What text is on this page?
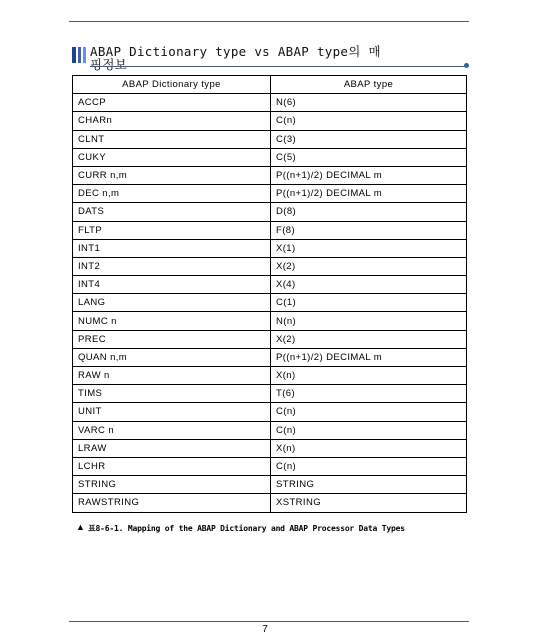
ABAP Dictionary type vs ABAP type의 매핑정보
ABAP Dictionary type	ABAP type
ACCP	N(6)
CHARn	C(n)
CLNT	C(3)
CUKY	C(5)
CURR n,m	P((n+1)/2) DECIMAL m
DEC n,m	P((n+1)/2) DECIMAL m
DATS	D(8)
FLTP	F(8)
INT1	X(1)
INT2	X(2)
INT4	X(4)
LANG	C(1)
NUMC n	N(n)
PREC	X(2)
QUAN n,m	P((n+1)/2) DECIMAL m
RAW n	X(n)
TIMS	T(6)
UNIT	C(n)
VARC n	C(n)
LRAW	X(n)
LCHR	C(n)
STRING	STRING
RAWSTRING	XSTRING
▲ 표8-6-1. Mapping of the ABAP Dictionary and ABAP Processor Data Types
7
